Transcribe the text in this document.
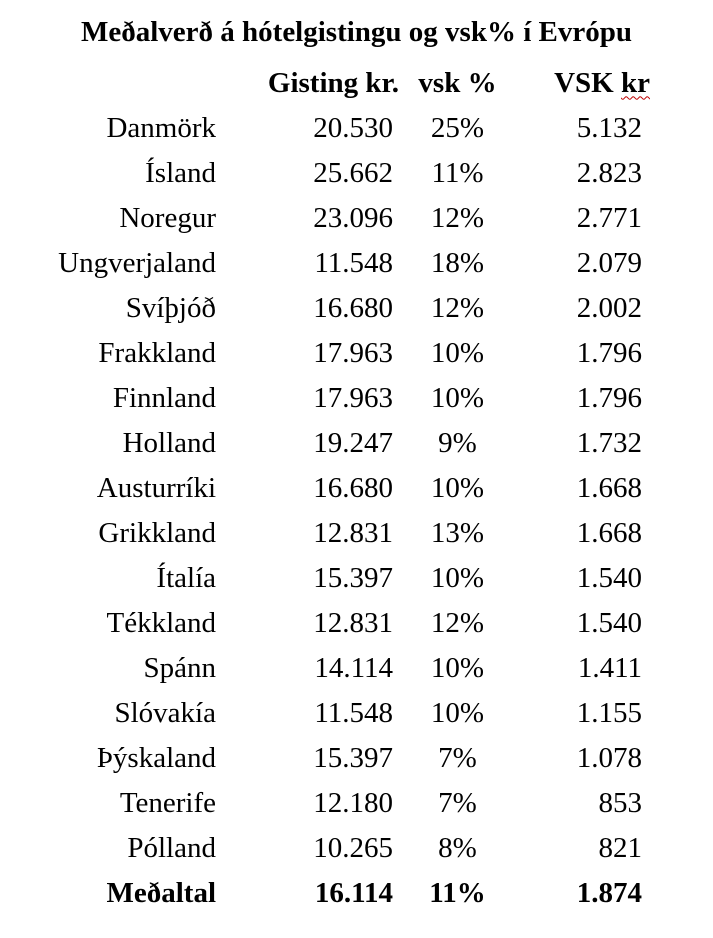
Meðalverð á hótelgistingu og vsk% í Evrópu
	Gisting kr.	vsk %	VSK kr	
Danmörk	20.530	25%	5.132	
Ísland	25.662	11%	2.823	
Noregur	23.096	12%	2.771	
Ungverjaland	11.548	18%	2.079	
Svíþjóð	16.680	12%	2.002	
Frakkland	17.963	10%	1.796	
Finnland	17.963	10%	1.796	
Holland	19.247	9%	1.732	
Austurríki	16.680	10%	1.668	
Grikkland	12.831	13%	1.668	
Ítalía	15.397	10%	1.540	
Tékkland	12.831	12%	1.540	
Spánn	14.114	10%	1.411	
Slóvakía	11.548	10%	1.155	
Þýskaland	15.397	7%	1.078	
Tenerife	12.180	7%	853	
Pólland	10.265	8%	821	
Meðaltal	16.114	11%	1.874	
